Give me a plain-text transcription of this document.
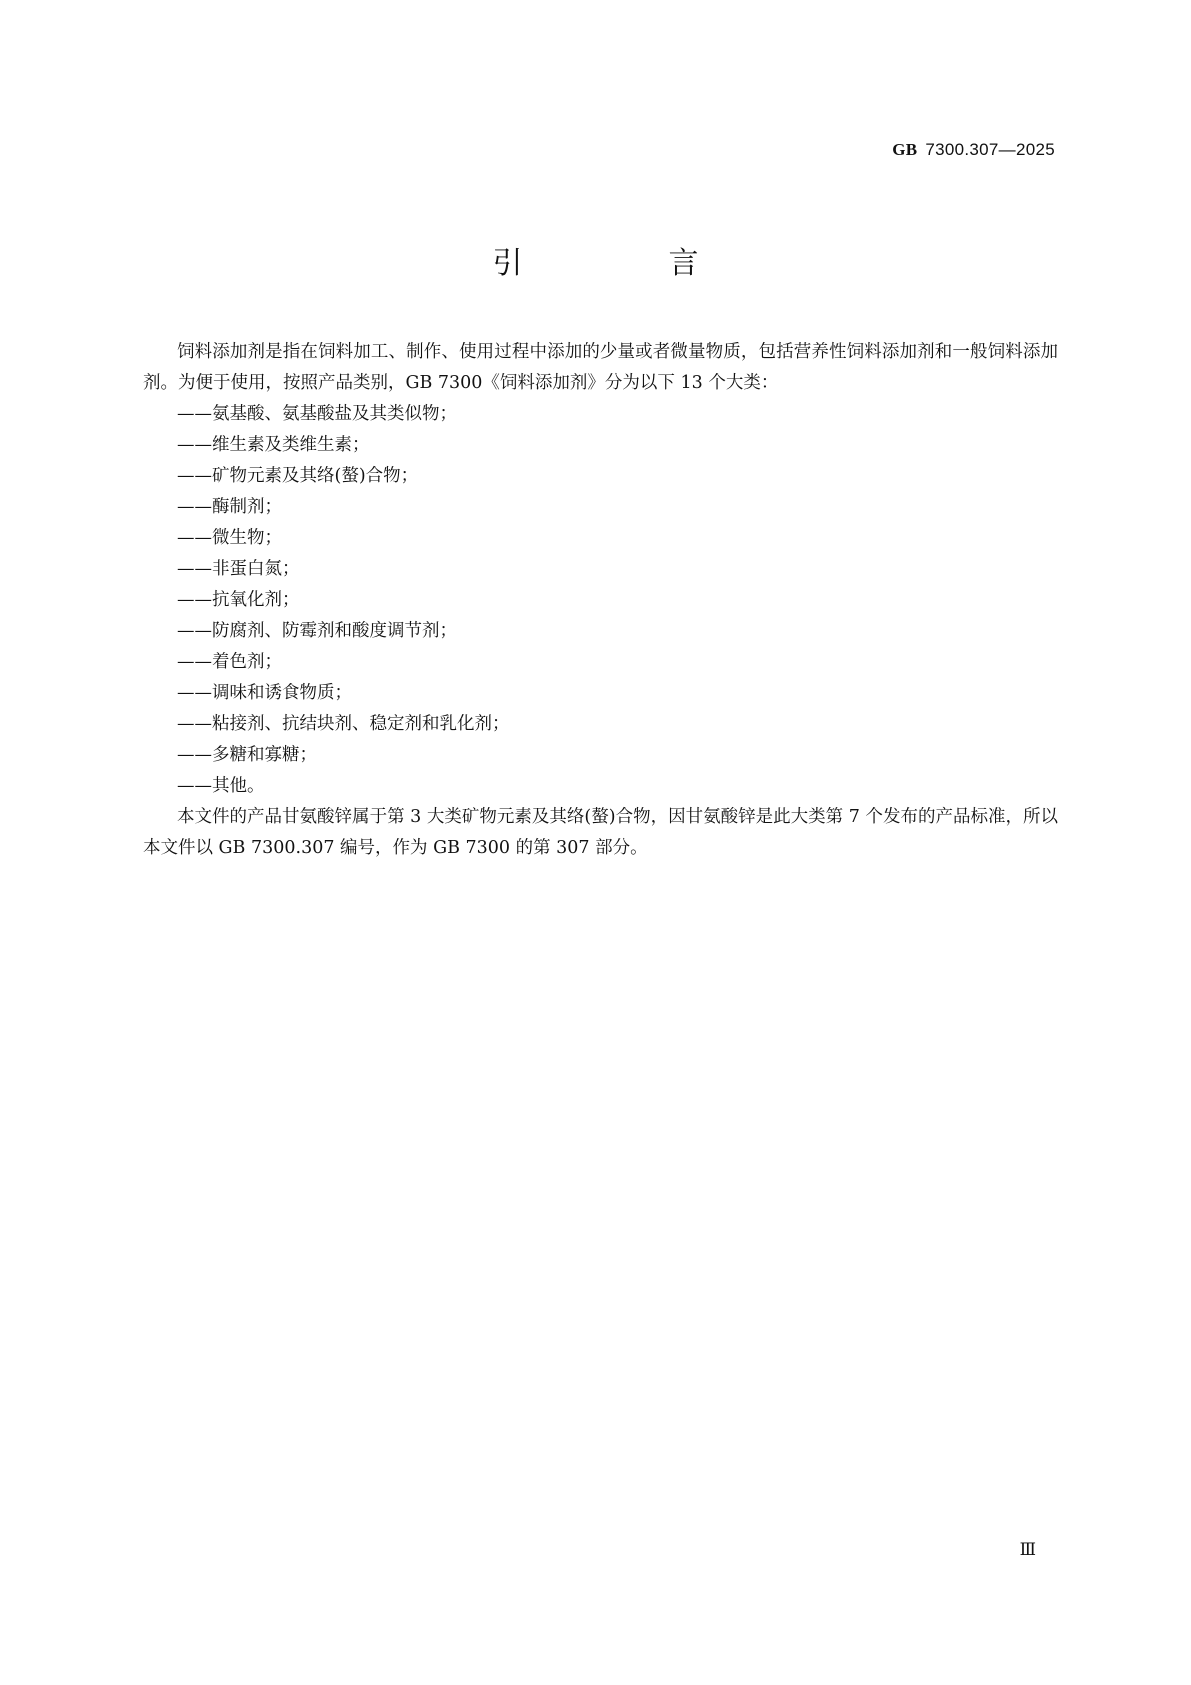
GB 7300.307—2025
引　言

饲料添加剂是指在饲料加工、制作、使用过程中添加的少量或者微量物质，包括营养性饲料添加剂和一般饲料添加剂。为便于使用，按照产品类别，GB 7300《饲料添加剂》分为以下 13 个大类：

——氨基酸、氨基酸盐及其类似物；

——维生素及类维生素；

——矿物元素及其络(螯)合物；

——酶制剂；

——微生物；

——非蛋白氮；

——抗氧化剂；

——防腐剂、防霉剂和酸度调节剂；

——着色剂；

——调味和诱食物质；

——粘接剂、抗结块剂、稳定剂和乳化剂；

——多糖和寡糖；

——其他。

本文件的产品甘氨酸锌属于第 3 大类矿物元素及其络(螯)合物，因甘氨酸锌是此大类第 7 个发布的产品标准，所以本文件以 GB 7300.307 编号，作为 GB 7300 的第 307 部分。

Ⅲ
